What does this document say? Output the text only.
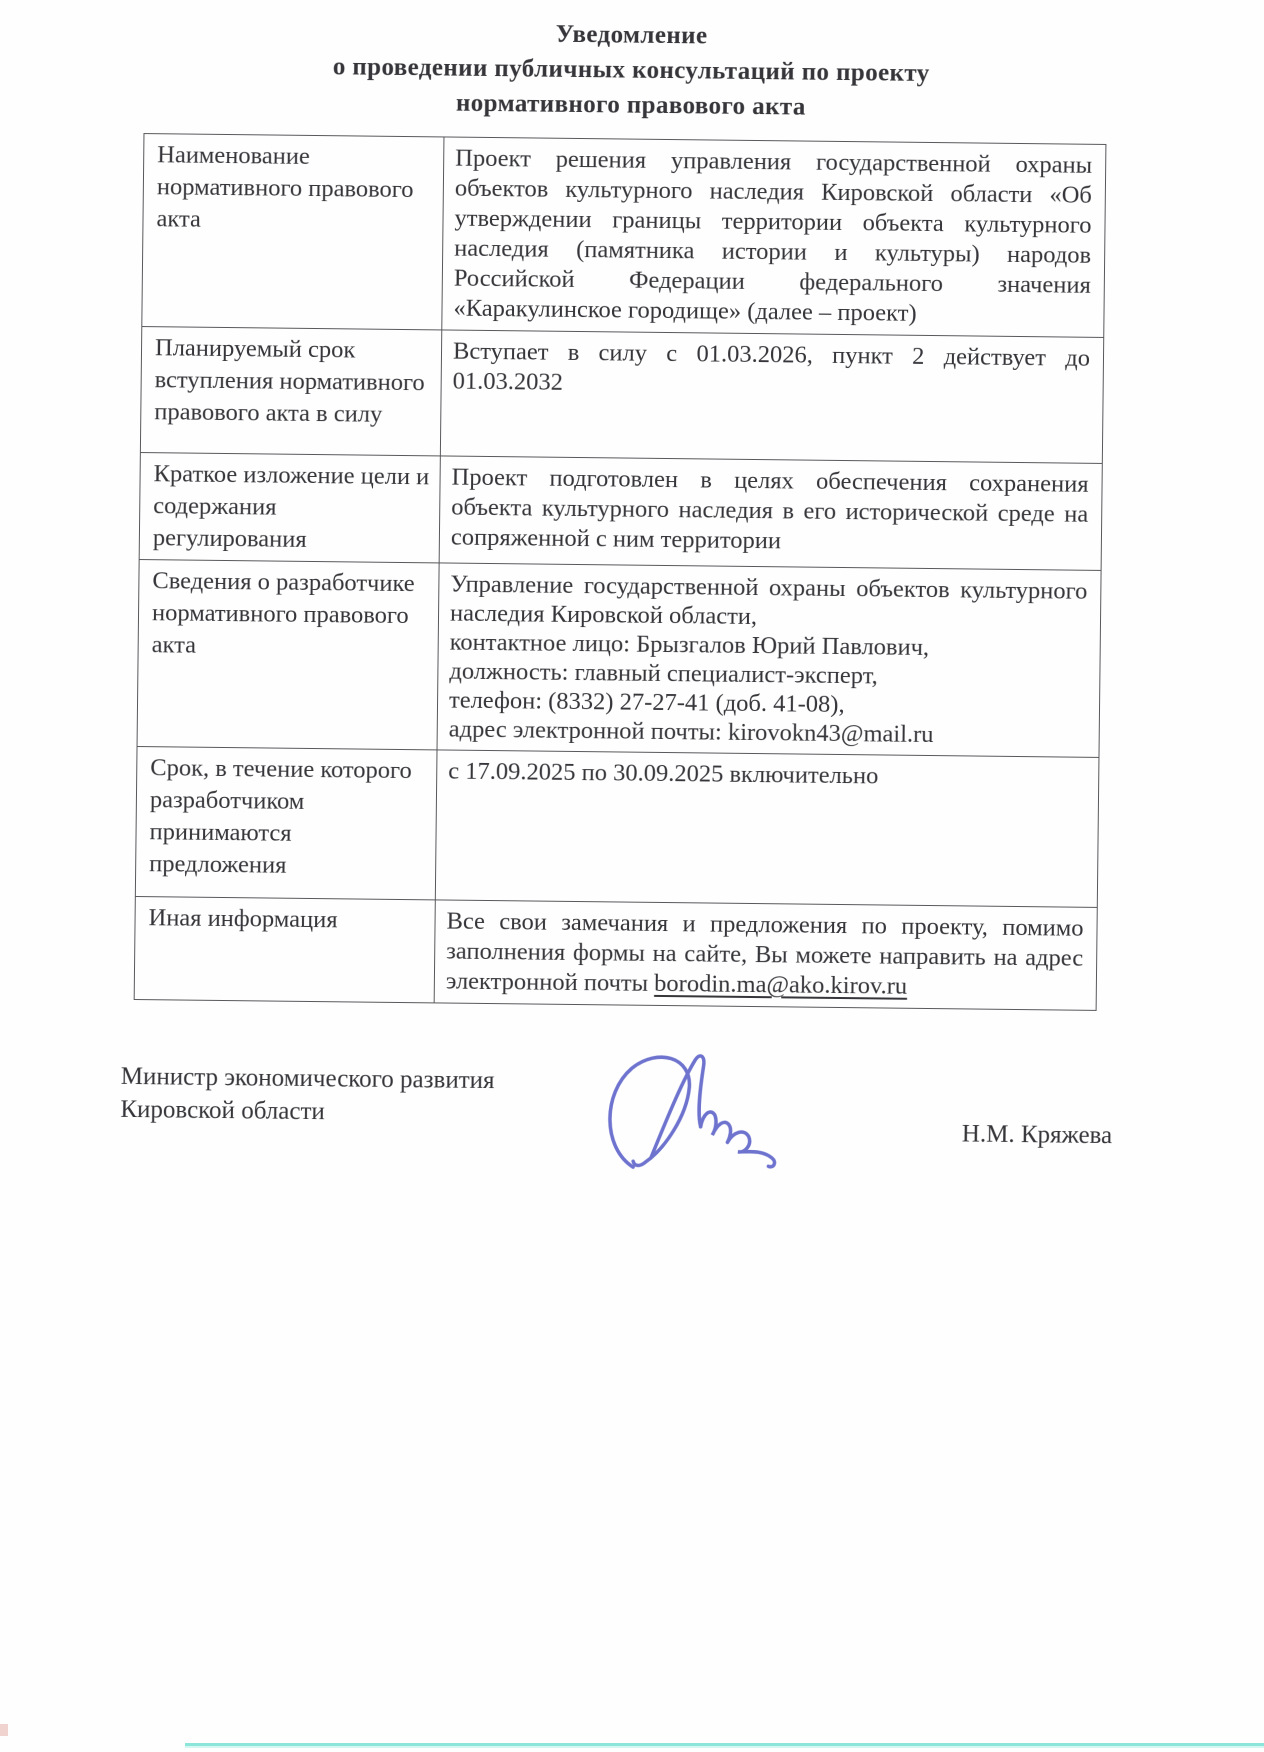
Уведомление
о проведении публичных консультаций по проекту
нормативного правового акта
Наименование нормативного правового акта	Проект решения управления государственной охраны объектов культурного наследия Кировской области «Об утверждении границы территории объекта культурного наследия (памятника истории и культуры) народов Российской Федерации федерального значения «Каракулинское городище» (далее – проект)
Планируемый срок вступления нормативного правового акта в силу	Вступает в силу с 01.03.2026, пункт 2 действует до 01.03.2032
Краткое изложение цели и содержания регулирования	Проект подготовлен в целях обеспечения сохранения объекта культурного наследия в его исторической среде на сопряженной с ним территории
Сведения о разработчике нормативного правового акта	Управление государственной охраны объектов культурного наследия Кировской области,
контактное лицо: Брызгалов Юрий Павлович,
должность: главный специалист-эксперт,
телефон: (8332) 27-27-41 (доб. 41-08),
адрес электронной почты: kirovokn43@mail.ru

Срок, в течение которого разработчиком принимаются предложения	с 17.09.2025 по 30.09.2025 включительно
Иная информация	Все свои замечания и предложения по проекту, помимо заполнения формы на сайте, Вы можете направить на адрес электронной почты borodin.ma@ako.kirov.ru
Министр экономического развития
Кировской области
Н.М. Кряжева
